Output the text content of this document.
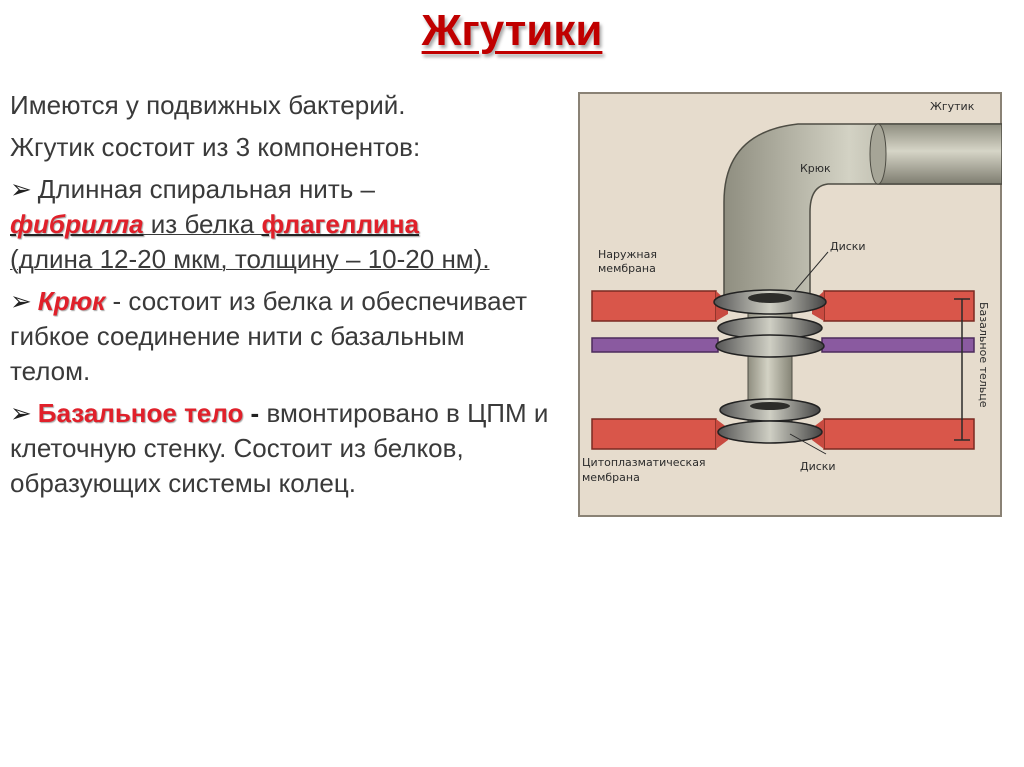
Жгутики

Имеются у подвижных бактерий.

Жгутик состоит из 3 компонентов:

➢ Длинная спиральная нить –
фибрилла из белка флагеллина
(длина 12-20 мкм, толщину – 10-20 нм).

➢ Крюк - состоит из белка и обеспечивает гибкое соединение нити с базальным телом.

➢ Базальное тело - вмонтировано в ЦПМ и клеточную стенку. Состоит из белков, образующих системы колец.

Жгутик
Крюк
Наружная
мембрана
Диски
Базальное тельце
Цитоплазматическая
мембрана
Диски
